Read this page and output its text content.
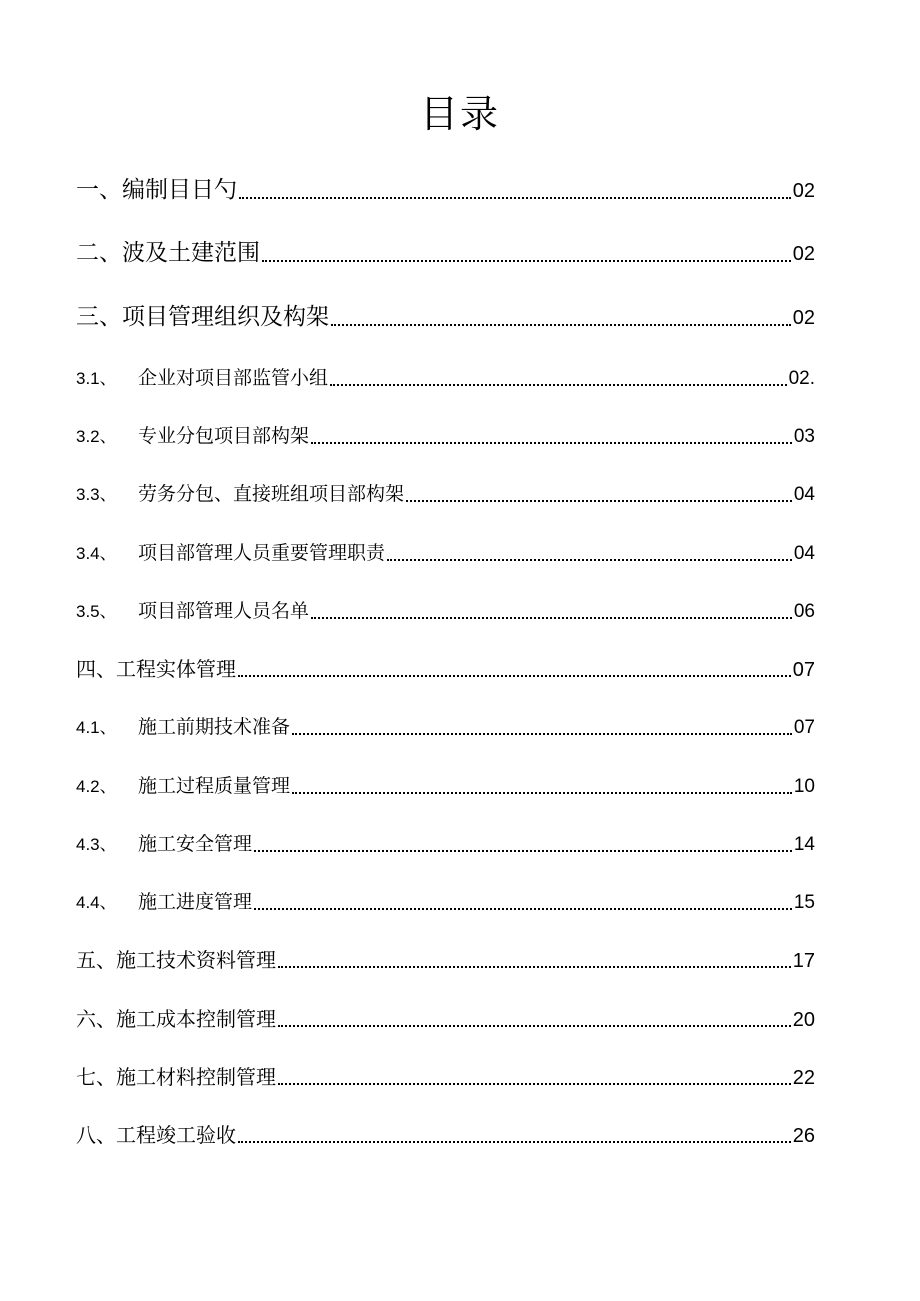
目录
一、编制目日勺	02
二、波及土建范围	02
三、项目管理组织及构架	02
3.1、	企业对项目部监管小组	02.
3.2、	专业分包项目部构架	03
3.3、	劳务分包、直接班组项目部构架	04
3.4、	项目部管理人员重要管理职责	04
3.5、	项目部管理人员名单	06
四、工程实体管理	07
4.1、	施工前期技术准备	07
4.2、	施工过程质量管理	10
4.3、	施工安全管理	14
4.4、	施工进度管理	15
五、施工技术资料管理	17
六、施工成本控制管理	20
七、施工材料控制管理	22
八、工程竣工验收	26
